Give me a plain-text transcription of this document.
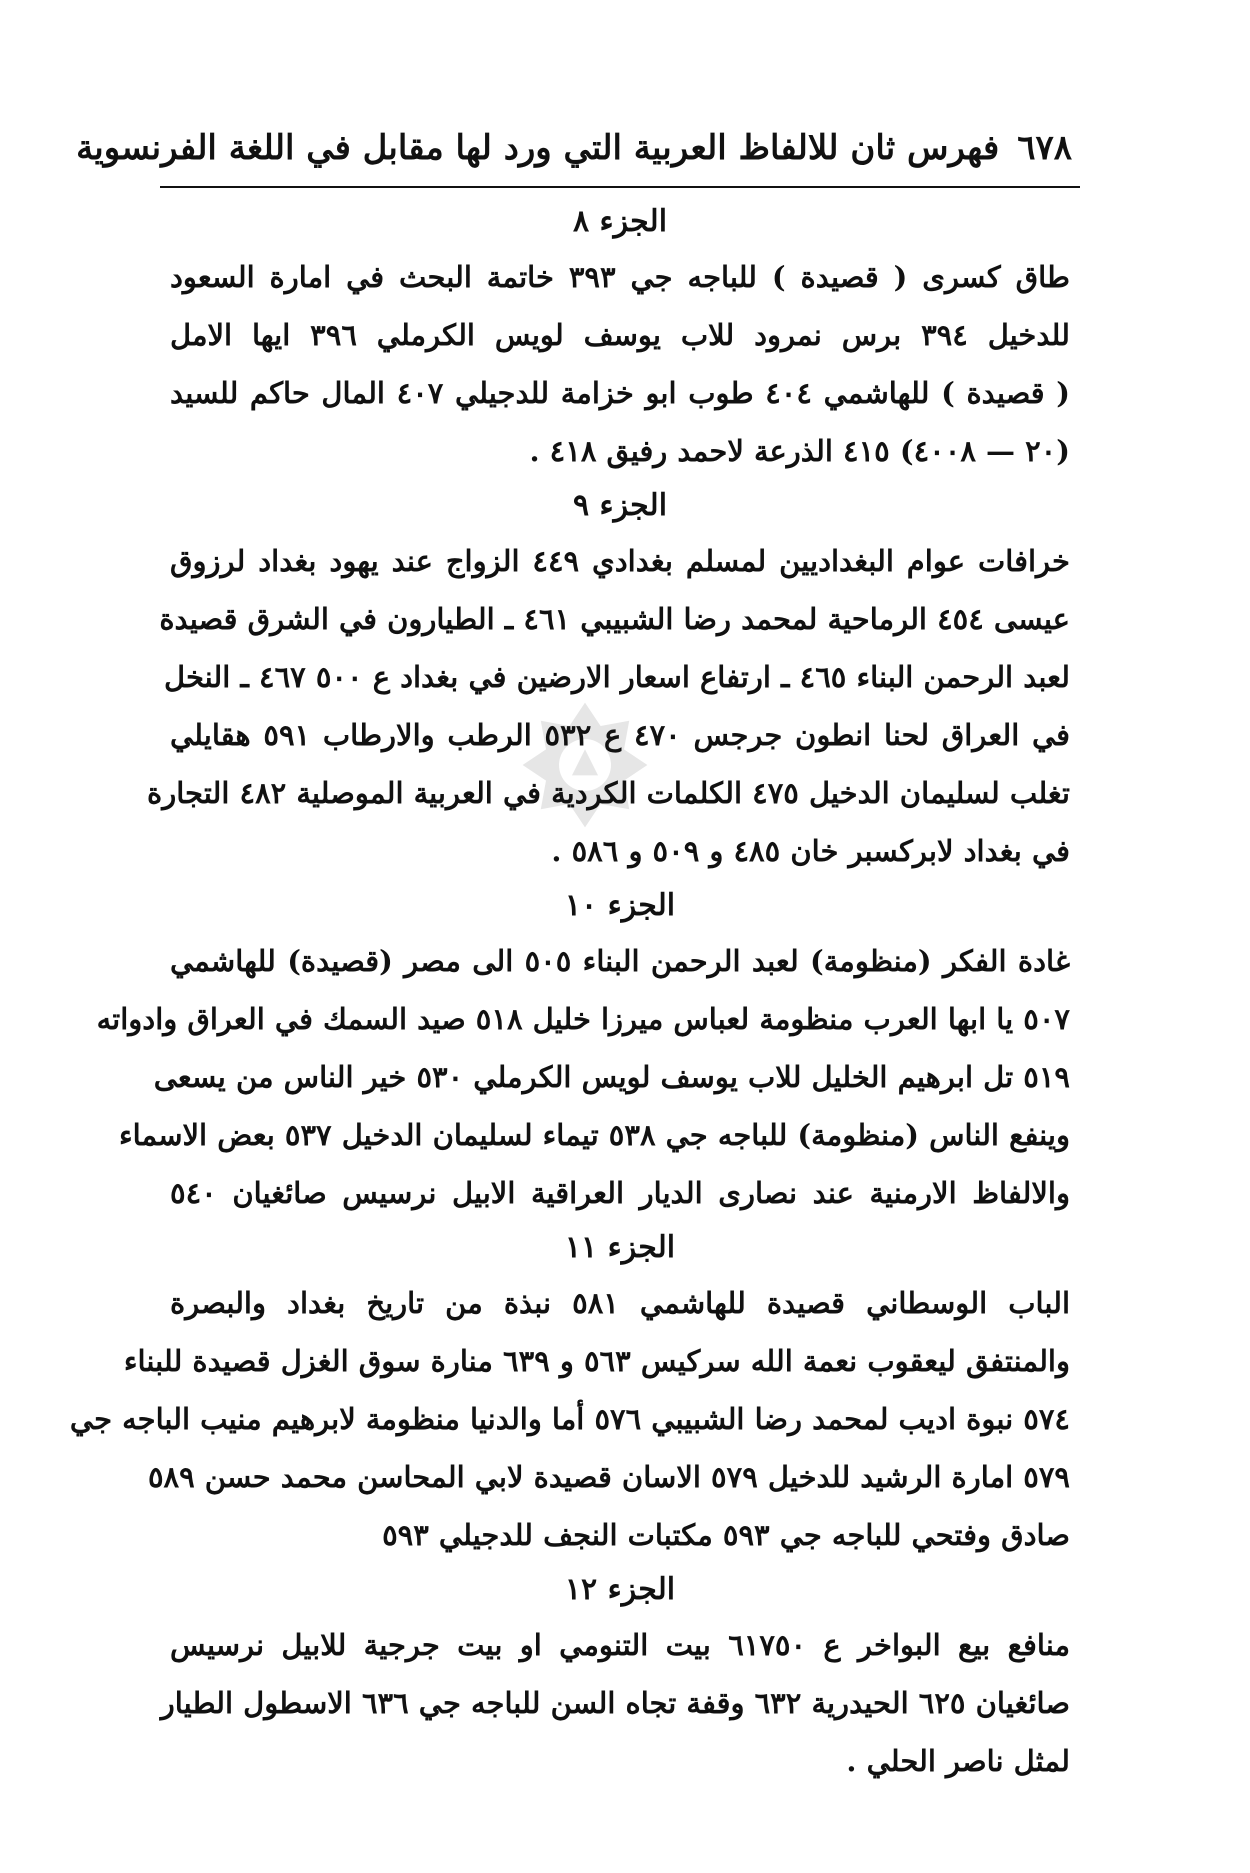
٦٧٨
فهرس ثان للالفاظ العربية التي ورد لها مقابل في اللغة الفرنسوية
الجزء ٨
طاق كسرى ( قصيدة ) للباجه جي ٣٩٣ خاتمة البحث في امارة السعود
للدخيل ٣٩٤ برس نمرود للاب يوسف لويس الكرملي ٣٩٦ ايها الامل
( قصيدة ) للهاشمي ٤٠٤ طوب ابو خزامة للدجيلي ٤٠٧ المال حاكم للسيد
(٢٠ — ٤٠٠٨) ٤١٥ الذرعة لاحمد رفيق ٤١٨ .
الجزء ٩
خرافات عوام البغداديين لمسلم بغدادي ٤٤٩ الزواج عند يهود بغداد لرزوق
عيسى ٤٥٤ الرماحية لمحمد رضا الشبيبي ٤٦١ ـ الطيارون في الشرق قصيدة
لعبد الرحمن البناء ٤٦٥ ـ ارتفاع اسعار الارضين في بغداد ع ٥٠٠ ٤٦٧ ـ النخل
في العراق لحنا انطون جرجس ٤٧٠ ع ٥٣٢ الرطب والارطاب ٥٩١ هقايلي
تغلب لسليمان الدخيل ٤٧٥ الكلمات الكردية في العربية الموصلية ٤٨٢ التجارة
في بغداد لابركسبر خان ٤٨٥ و ٥٠٩ و ٥٨٦ .
الجزء ١٠
غادة الفكر (منظومة) لعبد الرحمن البناء ٥٠٥ الى مصر (قصيدة) للهاشمي
٥٠٧ يا ابها العرب منظومة لعباس ميرزا خليل ٥١٨ صيد السمك في العراق وادواته
٥١٩ تل ابرهيم الخليل للاب يوسف لويس الكرملي ٥٣٠ خير الناس من يسعى
وينفع الناس (منظومة) للباجه جي ٥٣٨ تيماء لسليمان الدخيل ٥٣٧ بعض الاسماء
والالفاظ الارمنية عند نصارى الديار العراقية الابيل نرسيس صائغيان ٥٤٠
الجزء ١١
الباب الوسطاني قصيدة للهاشمي ٥٨١ نبذة من تاريخ بغداد والبصرة
والمنتفق ليعقوب نعمة الله سركيس ٥٦٣ و ٦٣٩ منارة سوق الغزل قصيدة للبناء
٥٧٤ نبوة اديب لمحمد رضا الشبيبي ٥٧٦ أما والدنيا منظومة لابرهيم منيب الباجه جي
٥٧٩ امارة الرشيد للدخيل ٥٧٩ الاسان قصيدة لابي المحاسن محمد حسن ٥٨٩
صادق وفتحي للباجه جي ٥٩٣ مكتبات النجف للدجيلي ٥٩٣
الجزء ١٢
منافع بيع البواخر ع ٦١٧٥٠ بيت التنومي او بيت جرجية للابيل نرسيس
صائغيان ٦٢٥ الحيدرية ٦٣٢ وقفة تجاه السن للباجه جي ٦٣٦ الاسطول الطيار
لمثل ناصر الحلي .
